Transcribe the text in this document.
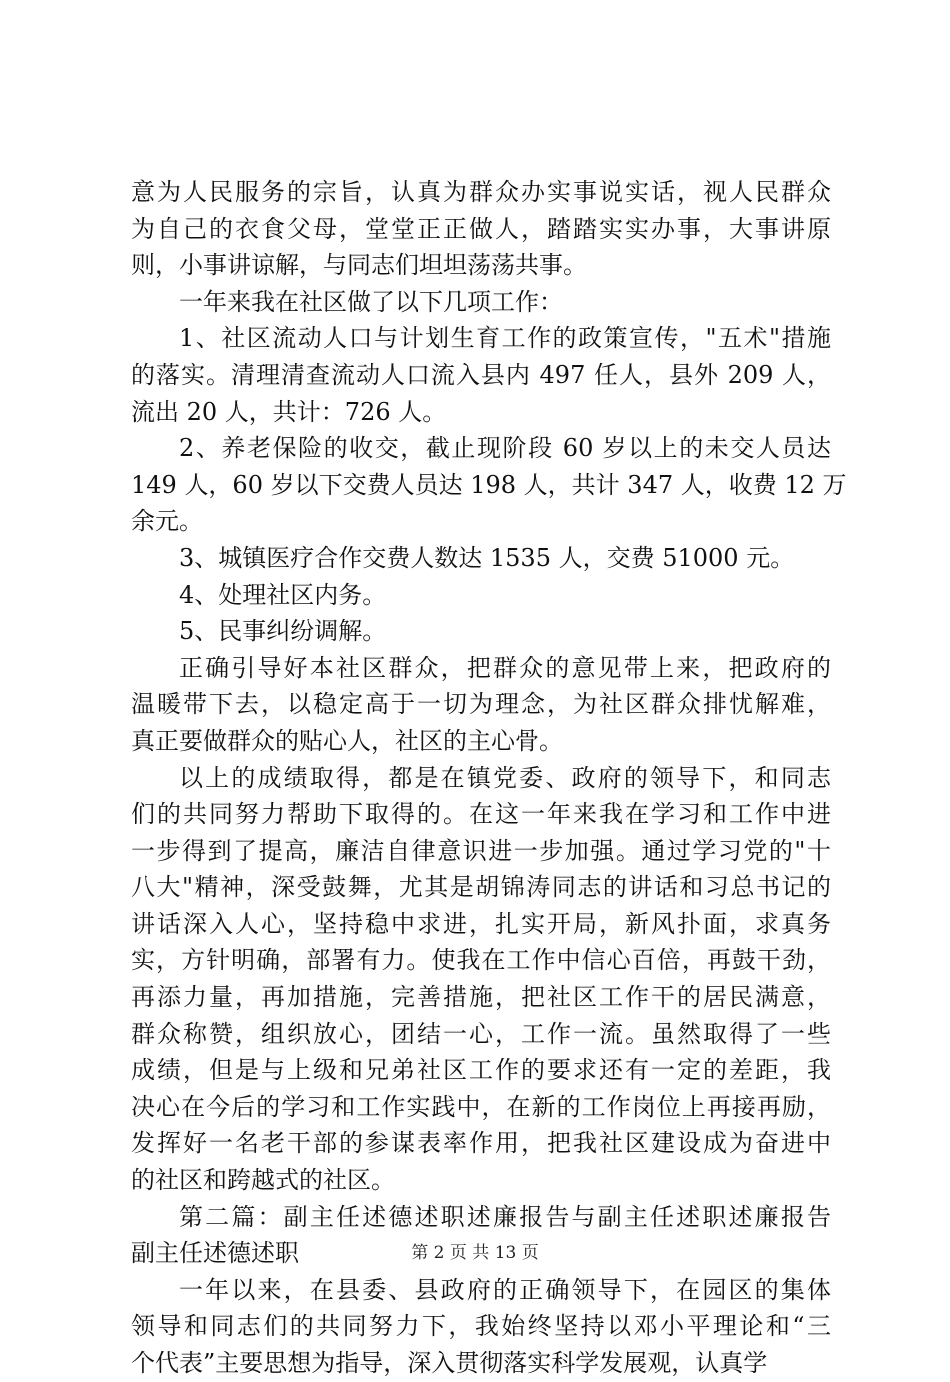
意为人民服务的宗旨，认真为群众办实事说实话，视人民群众
为自己的衣食父母，堂堂正正做人，踏踏实实办事，大事讲原
则，小事讲谅解，与同志们坦坦荡荡共事。
一年来我在社区做了以下几项工作：
1、社区流动人口与计划生育工作的政策宣传，"五术"措施
的落实。清理清查流动人口流入县内 497 任人，县外 209 人，
流出 20 人，共计：726 人。
2、养老保险的收交，截止现阶段 60 岁以上的未交人员达
149 人，60 岁以下交费人员达 198 人，共计 347 人，收费 12 万
余元。
3、城镇医疗合作交费人数达 1535 人，交费 51000 元。
4、处理社区内务。
5、民事纠纷调解。
正确引导好本社区群众，把群众的意见带上来，把政府的
温暖带下去，以稳定高于一切为理念，为社区群众排忧解难，
真正要做群众的贴心人，社区的主心骨。
以上的成绩取得，都是在镇党委、政府的领导下，和同志
们的共同努力帮助下取得的。在这一年来我在学习和工作中进
一步得到了提高，廉洁自律意识进一步加强。通过学习党的"十
八大"精神，深受鼓舞，尤其是胡锦涛同志的讲话和习总书记的
讲话深入人心，坚持稳中求进，扎实开局，新风扑面，求真务
实，方针明确，部署有力。使我在工作中信心百倍，再鼓干劲，
再添力量，再加措施，完善措施，把社区工作干的居民满意，
群众称赞，组织放心，团结一心，工作一流。虽然取得了一些
成绩，但是与上级和兄弟社区工作的要求还有一定的差距，我
决心在今后的学习和工作实践中，在新的工作岗位上再接再励，
发挥好一名老干部的参谋表率作用，把我社区建设成为奋进中
的社区和跨越式的社区。
第二篇：副主任述德述职述廉报告与副主任述职述廉报告
副主任述德述职
一年以来，在县委、县政府的正确领导下，在园区的集体
领导和同志们的共同努力下，我始终坚持以邓小平理论和“三
个代表”主要思想为指导，深入贯彻落实科学发展观，认真学
第 2 页 共 13 页
